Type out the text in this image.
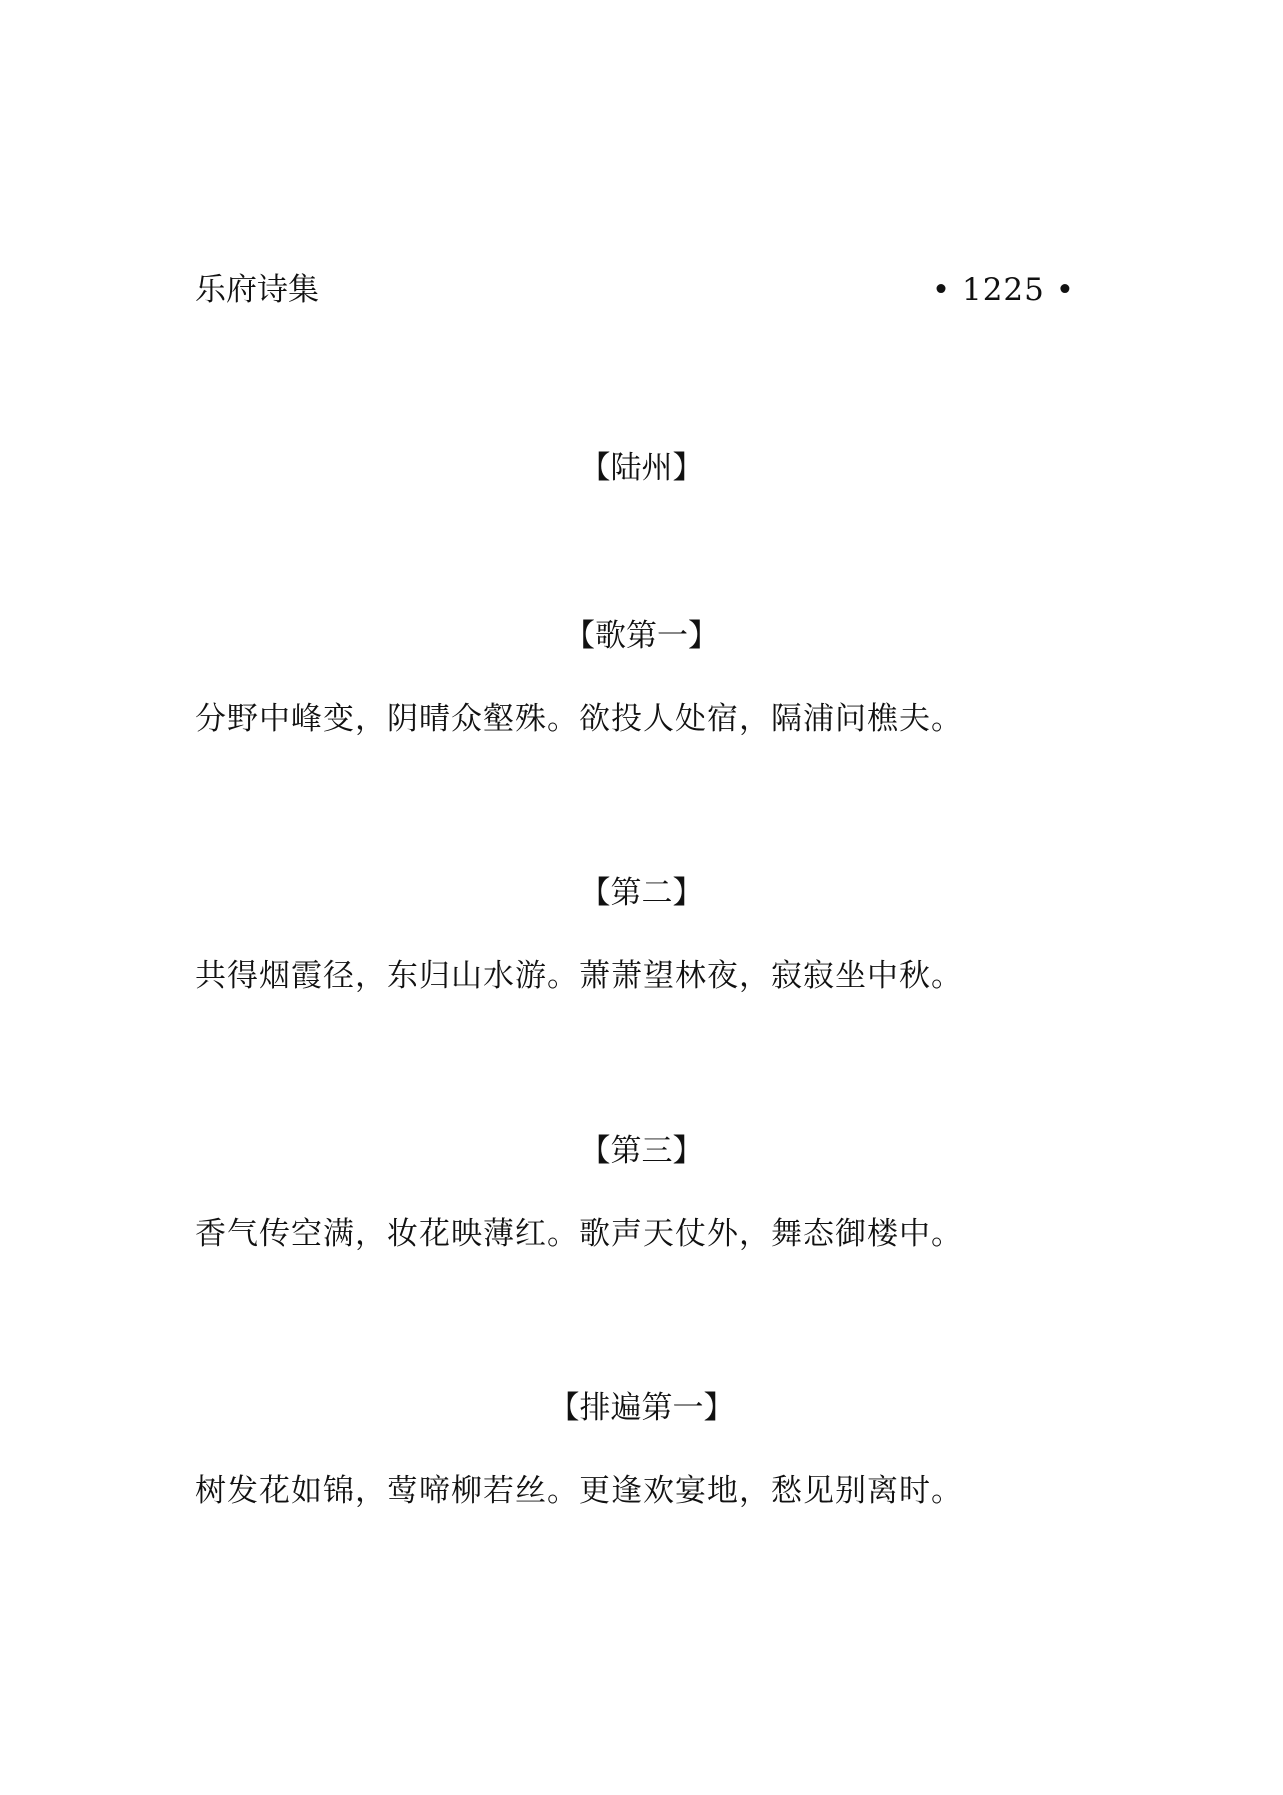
乐府诗集	• 1225 •
【陆州】
【歌第一】

分野中峰变，阴晴众壑殊。欲投人处宿，隔浦问樵夫。

【第二】

共得烟霞径，东归山水游。萧萧望林夜，寂寂坐中秋。

【第三】

香气传空满，妆花映薄红。歌声天仗外，舞态御楼中。

【排遍第一】

树发花如锦，莺啼柳若丝。更逢欢宴地，愁见别离时。
